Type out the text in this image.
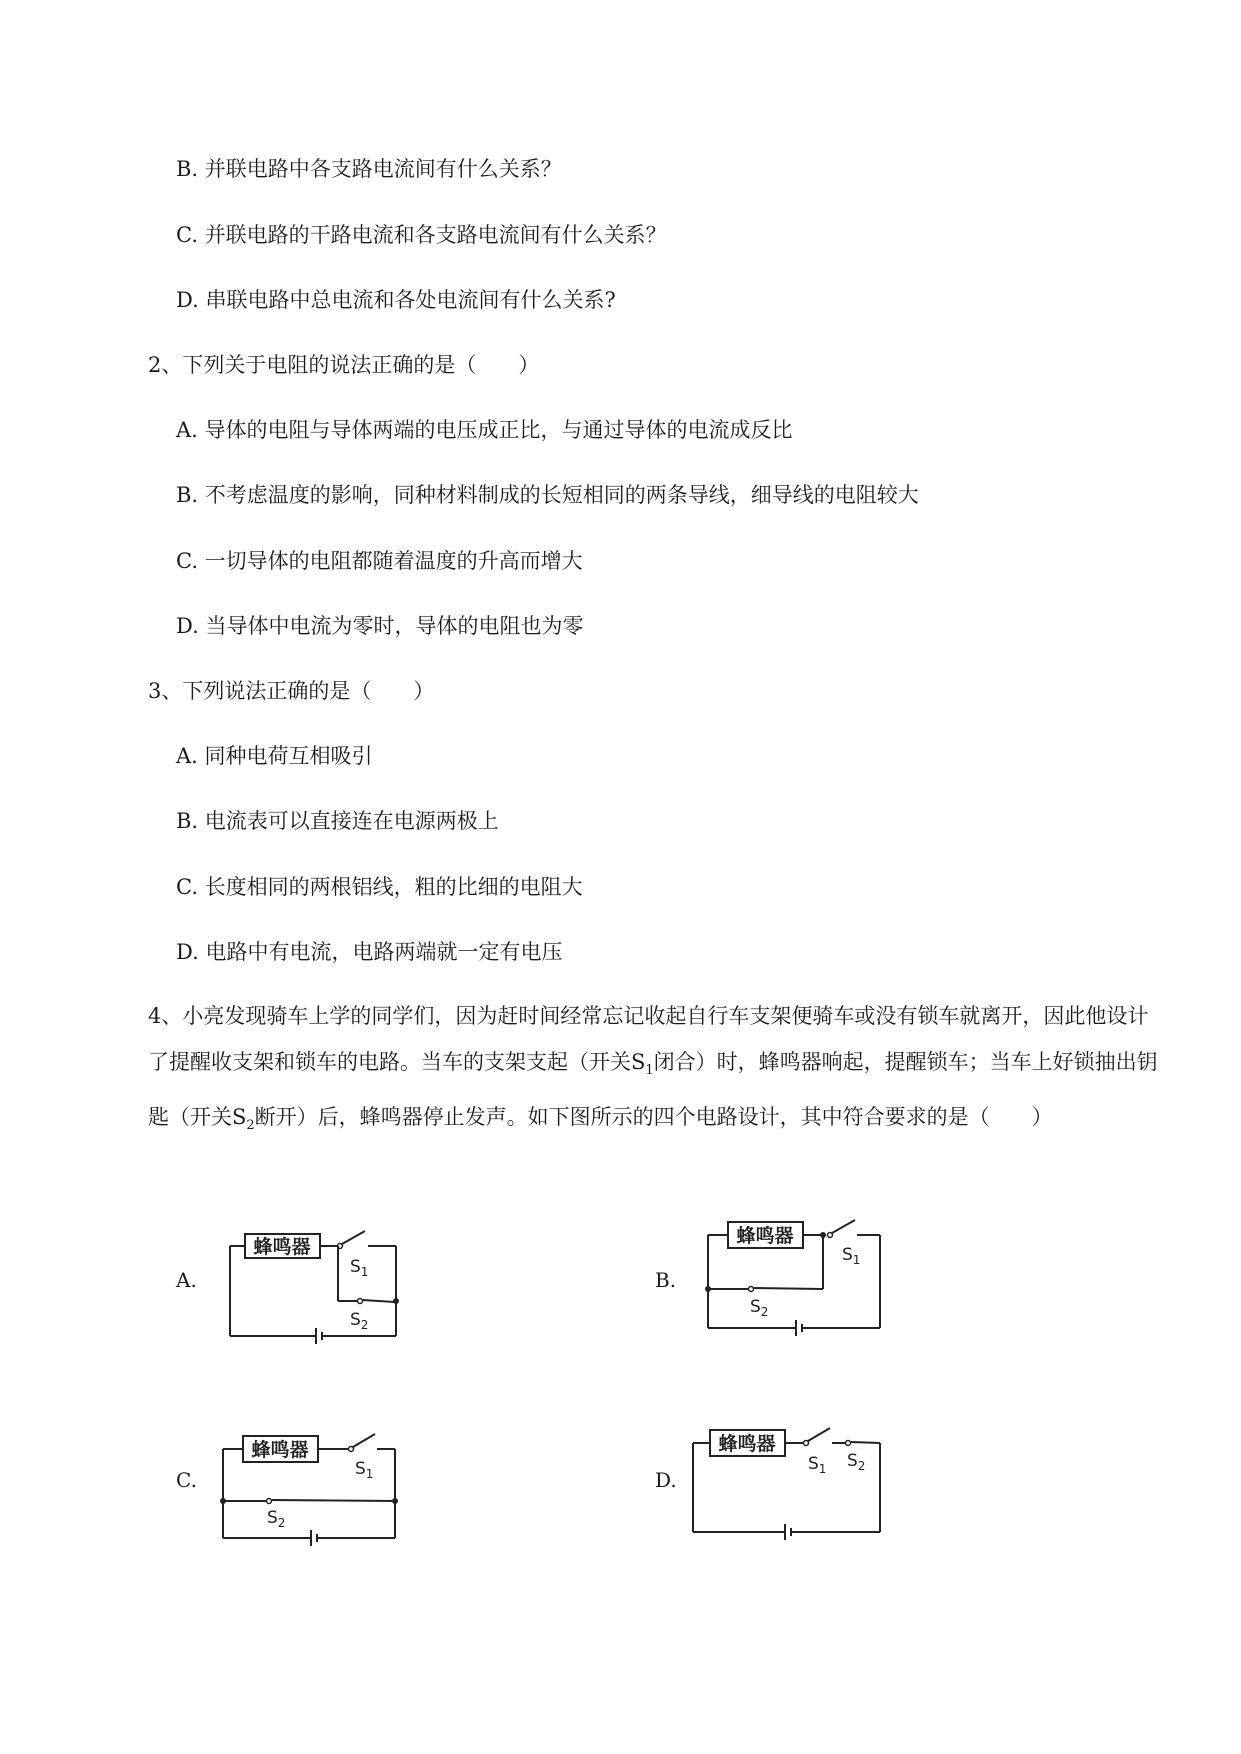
B. 并联电路中各支路电流间有什么关系？
C. 并联电路的干路电流和各支路电流间有什么关系？
D. 串联电路中总电流和各处电流间有什么关系?
2、下列关于电阻的说法正确的是（　　）
A. 导体的电阻与导体两端的电压成正比，与通过导体的电流成反比
B. 不考虑温度的影响，同种材料制成的长短相同的两条导线，细导线的电阻较大
C. 一切导体的电阻都随着温度的升高而增大
D. 当导体中电流为零时，导体的电阻也为零
3、下列说法正确的是（　　）
A. 同种电荷互相吸引
B. 电流表可以直接连在电源两极上
C. 长度相同的两根铝线，粗的比细的电阻大
D. 电路中有电流，电路两端就一定有电压
4、小亮发现骑车上学的同学们，因为赶时间经常忘记收起自行车支架便骑车或没有锁车就离开，因此他设计了提醒收支架和锁车的电路。当车的支架支起（开关$S_1$闭合）时，蜂鸣器响起，提醒锁车；当车上好锁抽出钥匙（开关$S_2$断开）后，蜂鸣器停止发声。如下图所示的四个电路设计，其中符合要求的是（　　）
A.
蜂鸣器
$S_1$
$S_2$
B.
蜂鸣器
$S_1$
$S_2$
C.
蜂鸣器
$S_1$
$S_2$
D.
蜂鸣器
$S_1$ $S_2$
